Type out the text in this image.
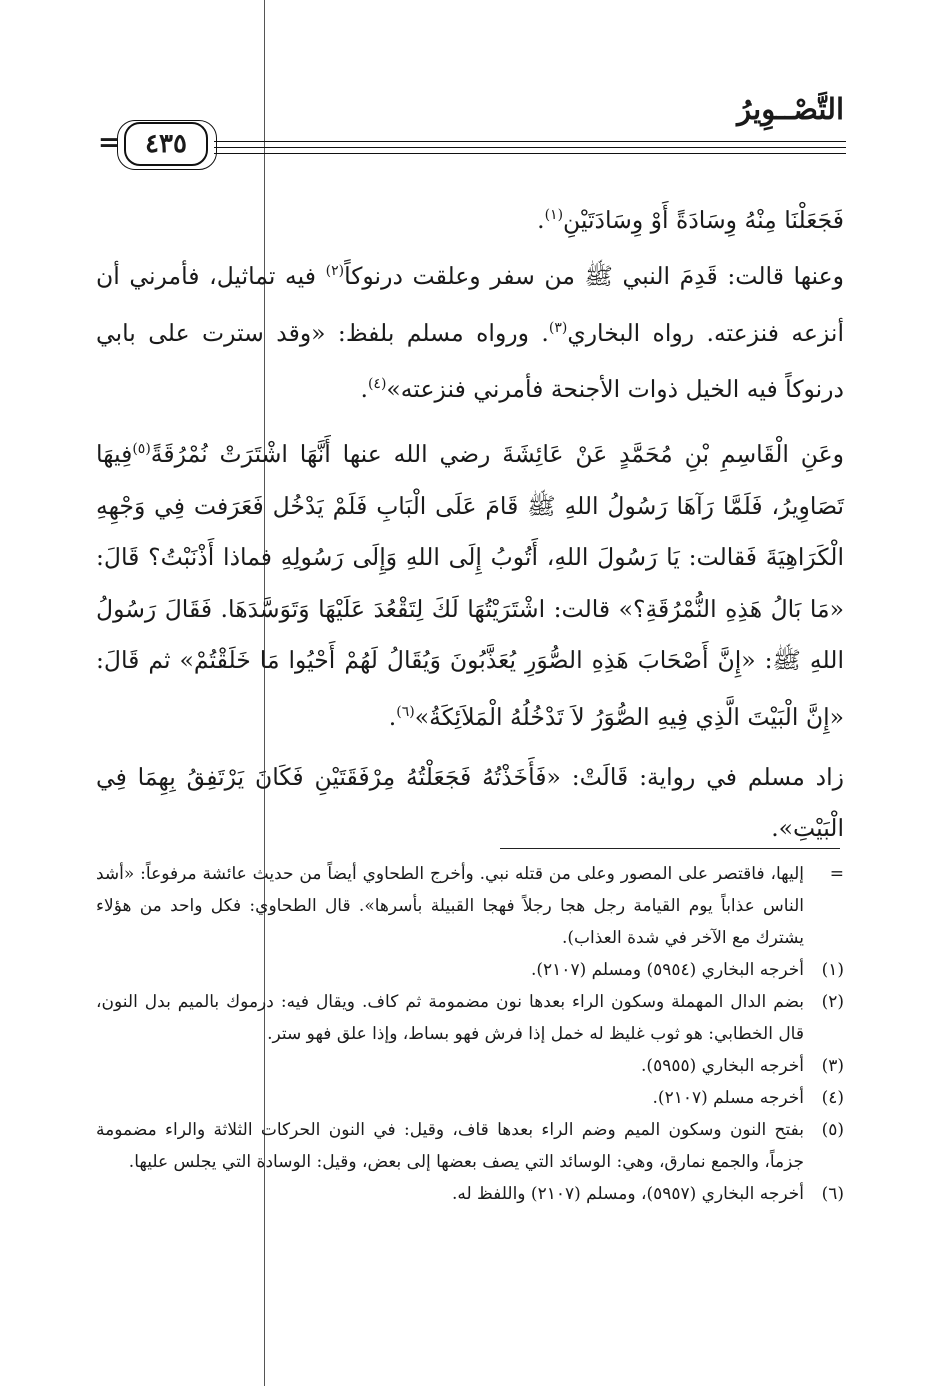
التَّصْــوِيرُ
٤٣٥
=

فَجَعَلْنَا مِنْهُ وِسَادَةً أَوْ وِسَادَتَيْنِ$^{(١)}$.

وعنها قالت: قَدِمَ النبي ﷺ من سفر وعلقت درنوكاً$^{(٢)}$ فيه تماثيل، فأمرني أن أنزعه فنزعته. رواه البخاري$^{(٣)}$. ورواه مسلم بلفظ: «وقد سترت على بابي درنوكاً فيه الخيل ذوات الأجنحة فأمرني فنزعته»$^{(٤)}$.

وعَنِ الْقَاسِمِ بْنِ مُحَمَّدٍ عَنْ عَائِشَةَ رضي الله عنها أَنَّهَا اشْتَرَتْ نُمْرُقَةً$^{(٥)}$فِيهَا تَصَاوِيرُ، فَلَمَّا رَآهَا رَسُولُ اللهِ ﷺ قَامَ عَلَى الْبَابِ فَلَمْ يَدْخُل فَعَرَفت فِي وَجْهِهِ الْكَرَاهِيَةَ فَقالت: يَا رَسُولَ اللهِ، أَتُوبُ إِلَى اللهِ وَإِلَى رَسُولِهِ فماذا أَذْنَبْتُ؟ قَالَ: «مَا بَالُ هَذِهِ النُّمْرُقَةِ؟» قالت: اشْتَرَيْتُهَا لَكَ لِتَقْعُدَ عَلَيْهَا وَتَوَسَّدَهَا. فَقَالَ رَسُولُ اللهِ ﷺ: «إِنَّ أَصْحَابَ هَذِهِ الصُّوَرِ يُعَذَّبُونَ وَيُقَالُ لَهُمْ أَحْيُوا مَا خَلَقْتُمْ» ثم قَالَ: «إِنَّ الْبَيْتَ الَّذِي فِيهِ الصُّوَرُ لاَ تَدْخُلُهُ الْمَلاَئِكَةُ»$^{(٦)}$.

زاد مسلم في رواية: قَالَتْ: «فَأَخَذْتُهُ فَجَعَلْتُهُ مِرْفَقَتَيْنِ فَكَانَ يَرْتَفِقُ بِهِمَا فِي الْبَيْتِ».

=
إليها، فاقتصر على المصور وعلى من قتله نبي. وأخرج الطحاوي أيضاً من حديث عائشة مرفوعاً: «أشد الناس عذاباً يوم القيامة رجل هجا رجلاً فهجا القبيلة بأسرها». قال الطحاوي: فكل واحد من هؤلاء يشترك مع الآخر في شدة العذاب).
(١)
أخرجه البخاري (٥٩٥٤) ومسلم (٢١٠٧).
(٢)
بضم الدال المهملة وسكون الراء بعدها نون مضمومة ثم كاف. ويقال فيه: درموك بالميم بدل النون، قال الخطابي: هو ثوب غليظ له خمل إذا فرش فهو بساط، وإذا علق فهو ستر.
(٣)
أخرجه البخاري (٥٩٥٥).
(٤)
أخرجه مسلم (٢١٠٧).
(٥)
بفتح النون وسكون الميم وضم الراء بعدها قاف، وقيل: في النون الحركات الثلاثة والراء مضمومة جزماً، والجمع نمارق، وهي: الوسائد التي يصف بعضها إلى بعض، وقيل: الوسادة التي يجلس عليها.
(٦)
أخرجه البخاري (٥٩٥٧)، ومسلم (٢١٠٧) واللفظ له.
